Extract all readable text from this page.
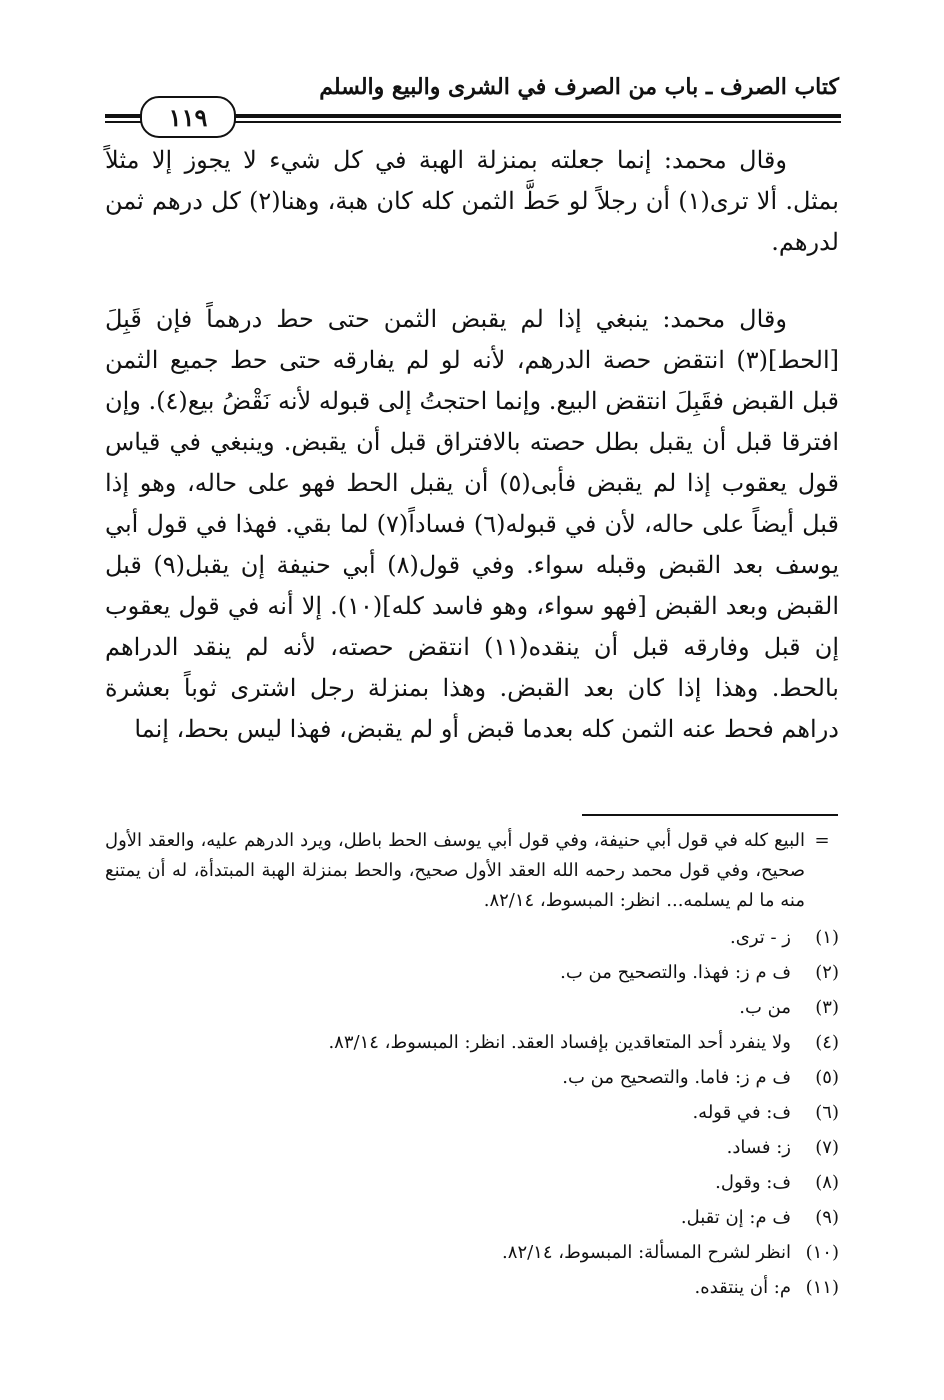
كتاب الصرف ـ باب من الصرف في الشرى والبيع والسلم
١١٩

وقال محمد: إنما جعلته بمنزلة الهبة في كل شيء لا يجوز إلا مثلاً بمثل. ألا ترى(١) أن رجلاً لو حَطَّ الثمن كله كان هبة، وهنا(٢) كل درهم ثمن لدرهم.

وقال محمد: ينبغي إذا لم يقبض الثمن حتى حط درهماً فإن قَبِلَ [الحط](٣) انتقض حصة الدرهم، لأنه لو لم يفارقه حتى حط جميع الثمن قبل القبض فقَبِلَ انتقض البيع. وإنما احتجتُ إلى قبوله لأنه نَقْضُ بيع(٤). وإن افترقا قبل أن يقبل بطل حصته بالافتراق قبل أن يقبض. وينبغي في قياس قول يعقوب إذا لم يقبض فأبى(٥) أن يقبل الحط فهو على حاله، وهو إذا قبل أيضاً على حاله، لأن في قبوله(٦) فساداً(٧) لما بقي. فهذا في قول أبي يوسف بعد القبض وقبله سواء. وفي قول(٨) أبي حنيفة إن يقبل(٩) قبل القبض وبعد القبض [فهو سواء، وهو فاسد كله](١٠). إلا أنه في قول يعقوب إن قبل وفارقه قبل أن ينقده(١١) انتقض حصته، لأنه لم ينقد الدراهم بالحط. وهذا إذا كان بعد القبض. وهذا بمنزلة رجل اشترى ثوباً بعشرة دراهم فحط عنه الثمن كله بعدما قبض أو لم يقبض، فهذا ليس بحط، إنما

=
البيع كله في قول أبي حنيفة، وفي قول أبي يوسف الحط باطل، ويرد الدرهم عليه، والعقد الأول صحيح، وفي قول محمد رحمه الله العقد الأول صحيح، والحط بمنزلة الهبة المبتدأة، له أن يمتنع منه ما لم يسلمه... انظر: المبسوط، ٨٢/١٤.
(١)
ز - ترى.
(٢)
ف م ز: فهذا. والتصحيح من ب.
(٣)
من ب.
(٤)
ولا ينفرد أحد المتعاقدين بإفساد العقد. انظر: المبسوط، ٨٣/١٤.
(٥)
ف م ز: فاما. والتصحيح من ب.
(٦)
ف: في قوله.
(٧)
ز: فساد.
(٨)
ف: وقول.
(٩)
ف م: إن تقبل.
(١٠)
انظر لشرح المسألة: المبسوط، ٨٢/١٤.
(١١)
م: أن ينتقده.
